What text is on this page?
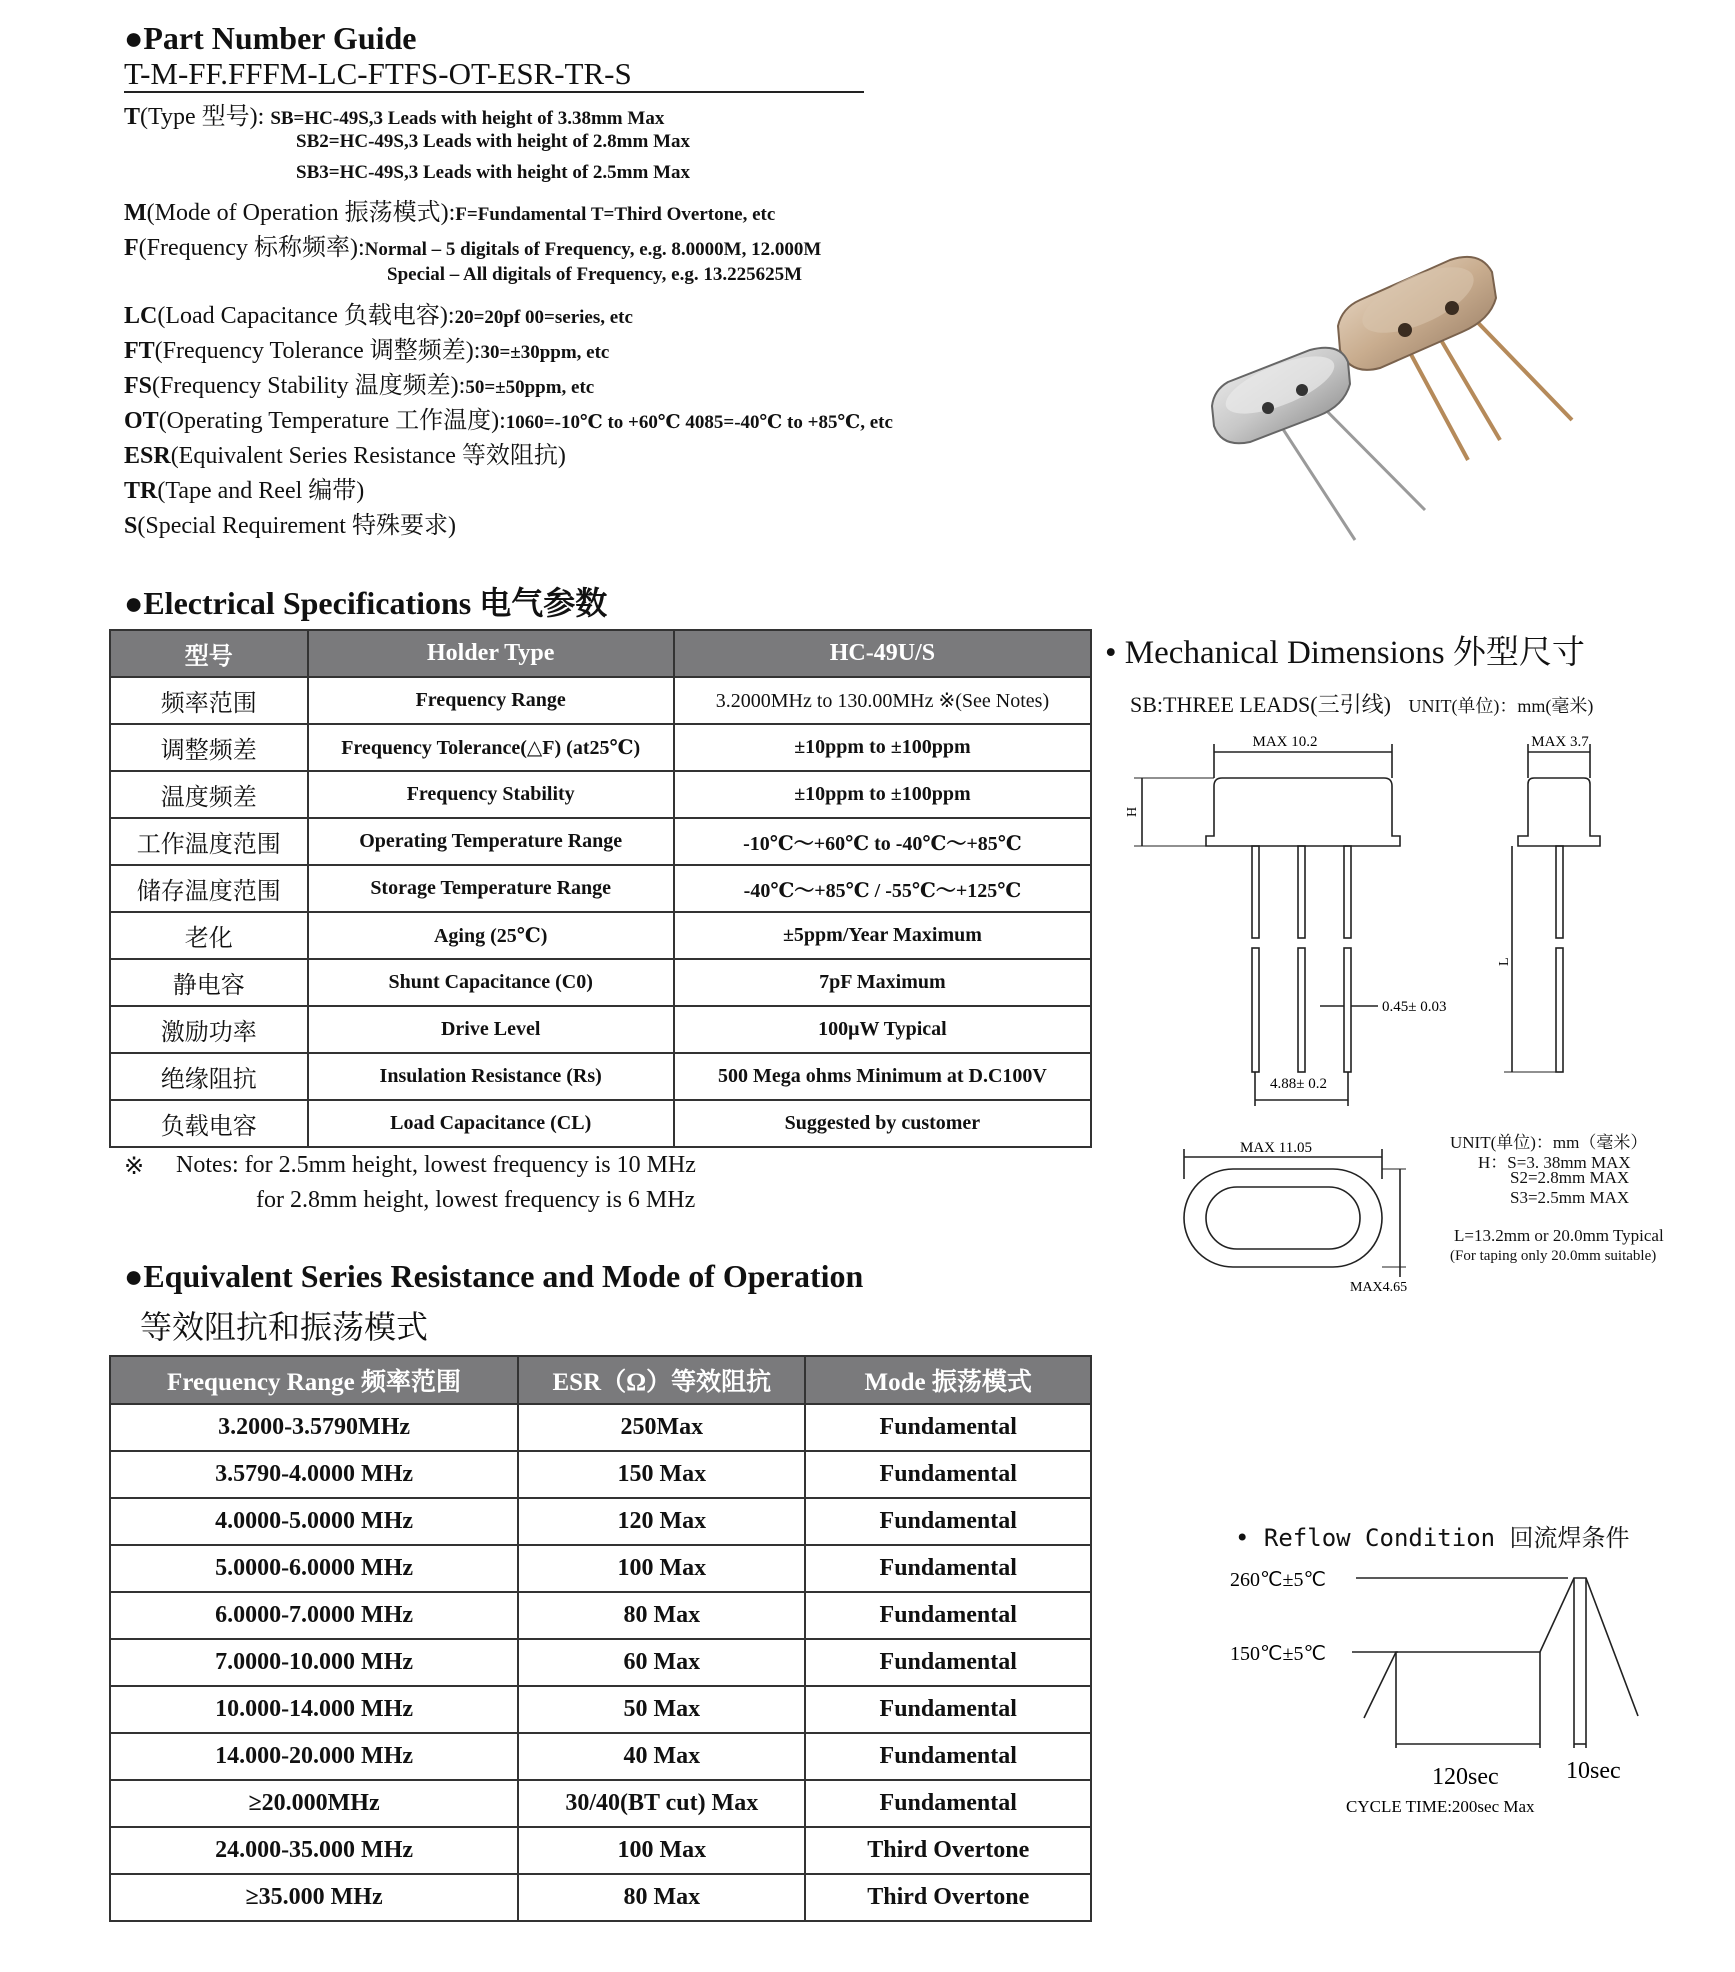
●Part Number Guide
T-M-FF.FFFM-LC-FTFS-OT-ESR-TR-S
T(Type 型号): SB=HC-49S,3 Leads with height of 3.38mm Max
SB2=HC-49S,3 Leads with height of 2.8mm Max
SB3=HC-49S,3 Leads with height of 2.5mm Max
M(Mode of Operation 振荡模式):F=Fundamental T=Third Overtone, etc
F(Frequency 标称频率):Normal – 5 digitals of Frequency, e.g. 8.0000M, 12.000M
Special – All digitals of Frequency, e.g. 13.225625M
LC(Load Capacitance 负载电容):20=20pf 00=series, etc
FT(Frequency Tolerance 调整频差):30=±30ppm, etc
FS(Frequency Stability 温度频差):50=±50ppm, etc
OT(Operating Temperature 工作温度):1060=-10℃ to +60℃ 4085=-40℃ to +85℃, etc
ESR(Equivalent Series Resistance 等效阻抗)
TR(Tape and Reel 编带)
S(Special Requirement 特殊要求)
●Electrical Specifications 电气参数
型号	Holder Type	HC-49U/S
频率范围	Frequency Range	3.2000MHz to 130.00MHz ※(See Notes)
调整频差	Frequency Tolerance(△F) (at25℃)	±10ppm to ±100ppm
温度频差	Frequency Stability	±10ppm to ±100ppm
工作温度范围	Operating Temperature Range	-10℃～+60℃ to -40℃～+85℃
储存温度范围	Storage Temperature Range	-40℃～+85℃ / -55℃～+125℃
老化	Aging (25℃)	±5ppm/Year Maximum
静电容	Shunt Capacitance (C0)	7pF Maximum
激励功率	Drive Level	100μW Typical
绝缘阻抗	Insulation Resistance (Rs)	500 Mega ohms Minimum at D.C100V
负载电容	Load Capacitance (CL)	Suggested by customer
※ Notes: for 2.5mm height, lowest frequency is 10 MHz
for 2.8mm height, lowest frequency is 6 MHz
●Equivalent Series Resistance and Mode of Operation
等效阻抗和振荡模式
Frequency Range 频率范围	ESR（Ω）等效阻抗	Mode 振荡模式
3.2000-3.5790MHz	250Max	Fundamental
3.5790-4.0000 MHz	150 Max	Fundamental
4.0000-5.0000 MHz	120 Max	Fundamental
5.0000-6.0000 MHz	100 Max	Fundamental
6.0000-7.0000 MHz	80 Max	Fundamental
7.0000-10.000 MHz	60 Max	Fundamental
10.000-14.000 MHz	50 Max	Fundamental
14.000-20.000 MHz	40 Max	Fundamental
≥20.000MHz	30/40(BT cut) Max	Fundamental
24.000-35.000 MHz	100 Max	Third Overtone
≥35.000 MHz	80 Max	Third Overtone
• Mechanical Dimensions 外型尺寸
SB:THREE LEADS(三引线) UNIT(单位)：mm(毫米)
MAX 10.2
H
0.45± 0.03
4.88± 0.2
MAX 3.7
L
MAX 11.05
MAX4.65
UNIT(单位)：mm（毫米）
H：S=3. 38mm MAX
S2=2.8mm MAX
S3=2.5mm MAX
L=13.2mm or 20.0mm Typical
(For taping only 20.0mm suitable)
• Reflow Condition 回流焊条件
260℃±5℃
150℃±5℃
120sec	10sec
CYCLE TIME:200sec Max
